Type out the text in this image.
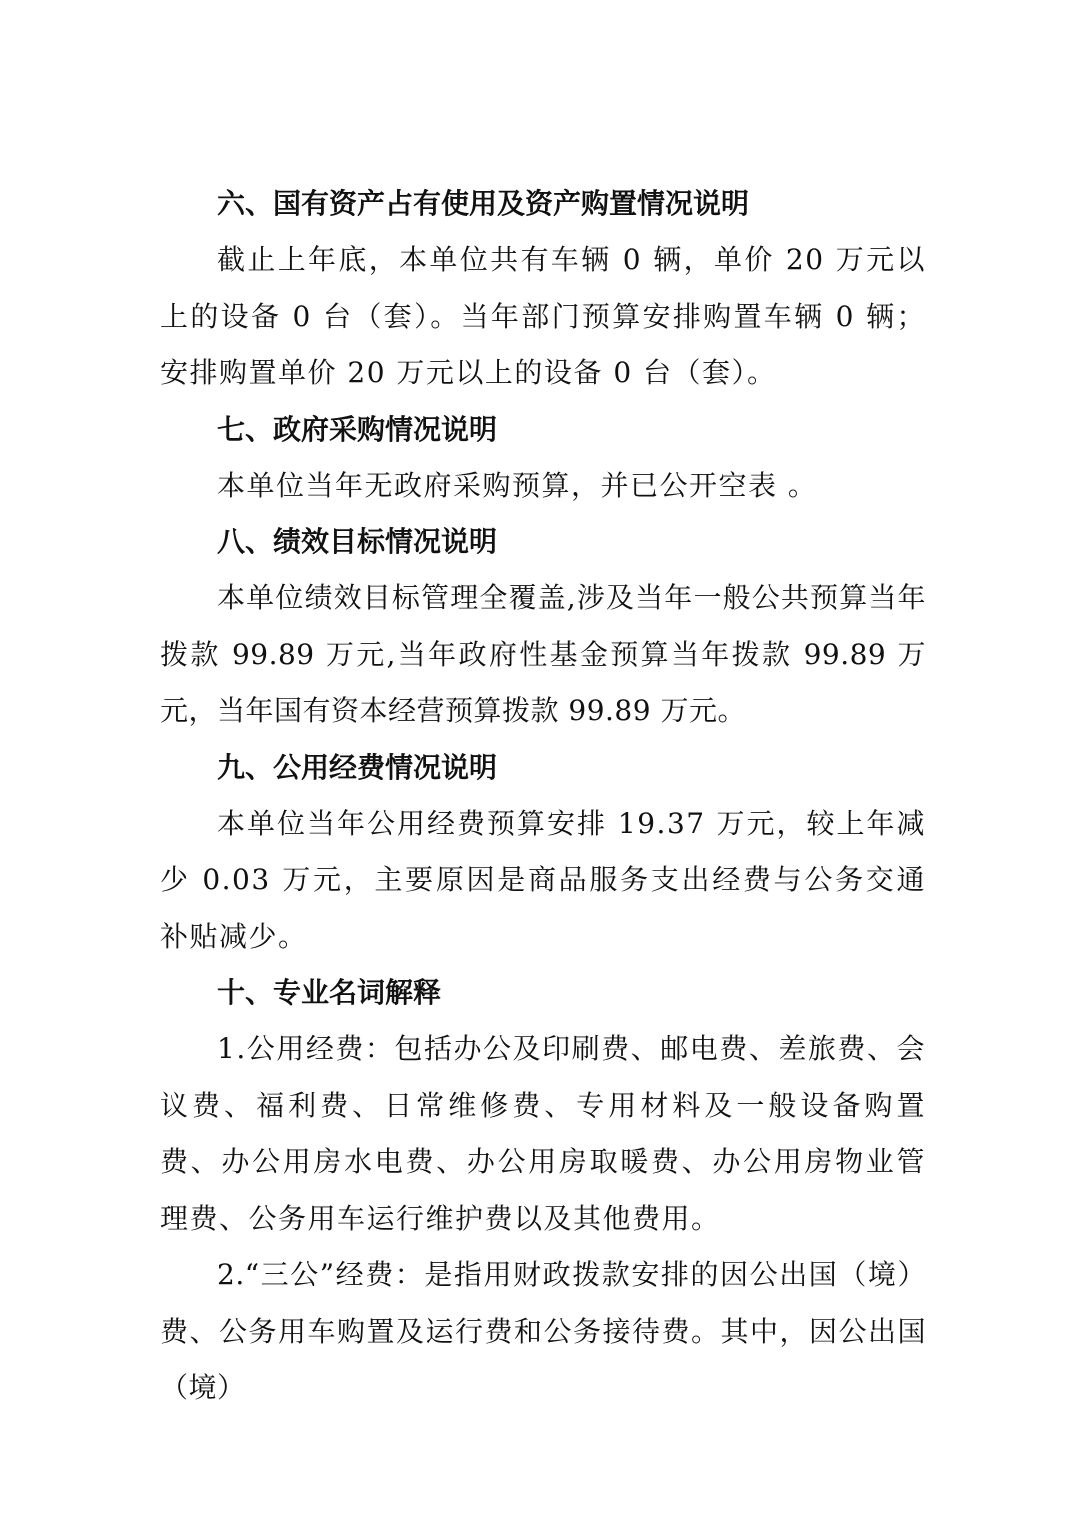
六、国有资产占有使用及资产购置情况说明

截止上年底，本单位共有车辆 0 辆，单价 20 万元以上的设备 0 台（套）。当年部门预算安排购置车辆 0 辆；安排购置单价 20 万元以上的设备 0 台（套）。

七、政府采购情况说明

本单位当年无政府采购预算，并已公开空表 。

八、绩效目标情况说明

本单位绩效目标管理全覆盖,涉及当年一般公共预算当年拨款 99.89 万元,当年政府性基金预算当年拨款 99.89 万元，当年国有资本经营预算拨款 99.89 万元。

九、公用经费情况说明

本单位当年公用经费预算安排 19.37 万元，较上年减少 0.03 万元，主要原因是商品服务支出经费与公务交通补贴减少。

十、专业名词解释

1.公用经费：包括办公及印刷费、邮电费、差旅费、会议费、福利费、日常维修费、专用材料及一般设备购置费、办公用房水电费、办公用房取暖费、办公用房物业管理费、公务用车运行维护费以及其他费用。

2.“三公”经费：是指用财政拨款安排的因公出国（境）费、公务用车购置及运行费和公务接待费。其中，因公出国（境）
